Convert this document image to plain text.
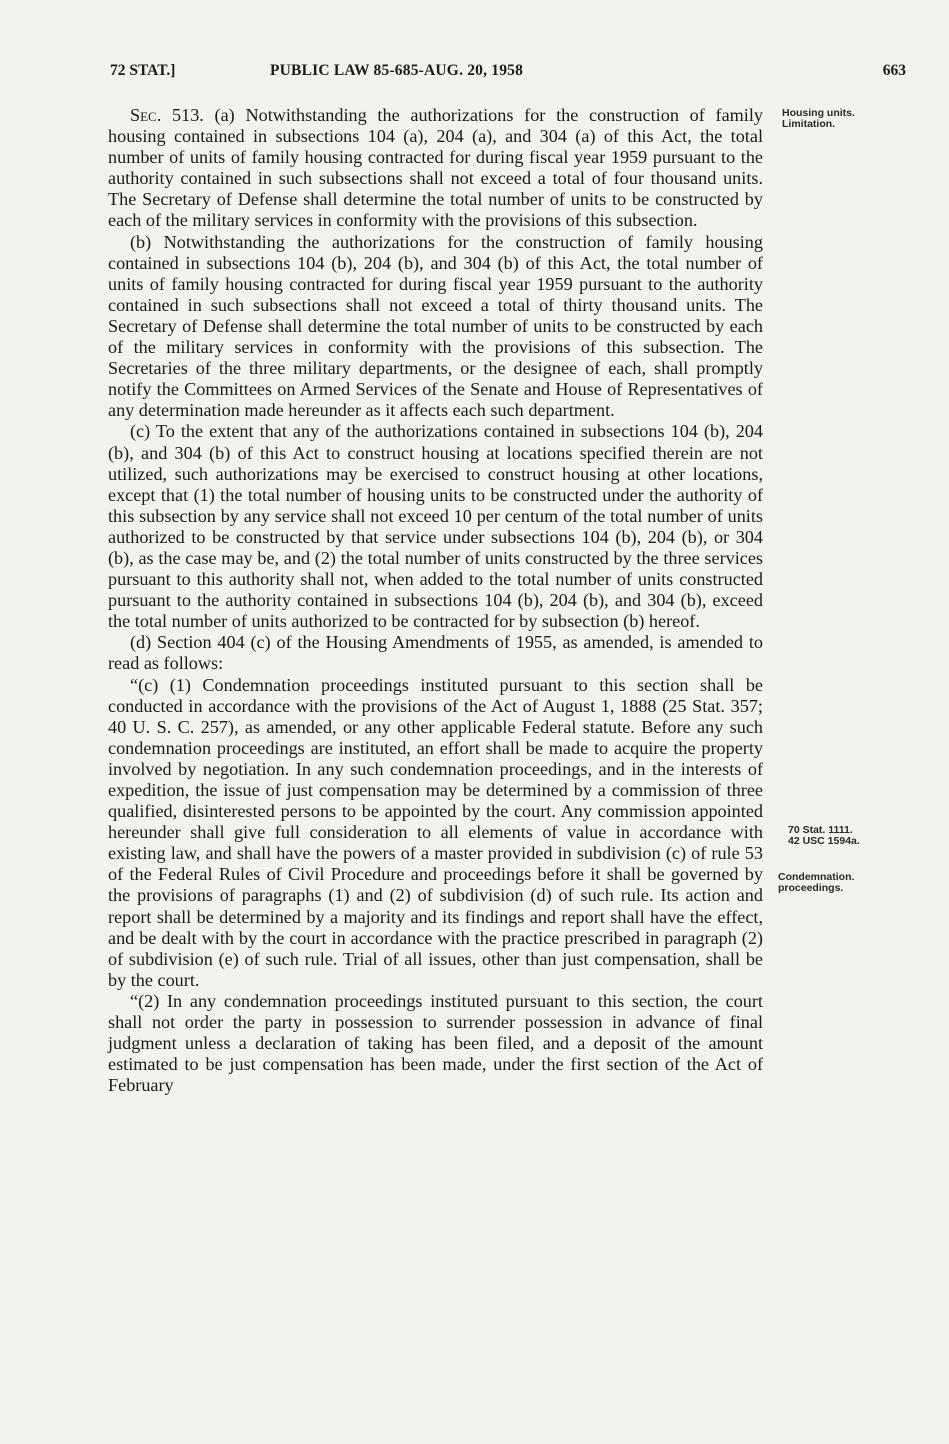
72 STAT.]	PUBLIC LAW 85-685-AUG. 20, 1958	663

Sec. 513. (a) Notwithstanding the authorizations for the construction of family housing contained in subsections 104 (a), 204 (a), and 304 (a) of this Act, the total number of units of family housing contracted for during fiscal year 1959 pursuant to the authority contained in such subsections shall not exceed a total of four thousand units. The Secretary of Defense shall determine the total number of units to be constructed by each of the military services in conformity with the provisions of this subsection.

(b) Notwithstanding the authorizations for the construction of family housing contained in subsections 104 (b), 204 (b), and 304 (b) of this Act, the total number of units of family housing contracted for during fiscal year 1959 pursuant to the authority contained in such subsections shall not exceed a total of thirty thousand units. The Secretary of Defense shall determine the total number of units to be constructed by each of the military services in conformity with the provisions of this subsection. The Secretaries of the three military departments, or the designee of each, shall promptly notify the Committees on Armed Services of the Senate and House of Representatives of any determination made hereunder as it affects each such department.

(c) To the extent that any of the authorizations contained in subsections 104 (b), 204 (b), and 304 (b) of this Act to construct housing at locations specified therein are not utilized, such authorizations may be exercised to construct housing at other locations, except that (1) the total number of housing units to be constructed under the authority of this subsection by any service shall not exceed 10 per centum of the total number of units authorized to be constructed by that service under subsections 104 (b), 204 (b), or 304 (b), as the case may be, and (2) the total number of units constructed by the three services pursuant to this authority shall not, when added to the total number of units constructed pursuant to the authority contained in subsections 104 (b), 204 (b), and 304 (b), exceed the total number of units authorized to be contracted for by subsection (b) hereof.

(d) Section 404 (c) of the Housing Amendments of 1955, as amended, is amended to read as follows:

“(c) (1) Condemnation proceedings instituted pursuant to this section shall be conducted in accordance with the provisions of the Act of August 1, 1888 (25 Stat. 357; 40 U. S. C. 257), as amended, or any other applicable Federal statute. Before any such condemnation proceedings are instituted, an effort shall be made to acquire the property involved by negotiation. In any such condemnation proceedings, and in the interests of expedition, the issue of just compensation may be determined by a commission of three qualified, disinterested persons to be appointed by the court. Any commission appointed hereunder shall give full consideration to all elements of value in accordance with existing law, and shall have the powers of a master provided in subdivision (c) of rule 53 of the Federal Rules of Civil Procedure and proceedings before it shall be governed by the provisions of paragraphs (1) and (2) of subdivision (d) of such rule. Its action and report shall be determined by a majority and its findings and report shall have the effect, and be dealt with by the court in accordance with the practice prescribed in paragraph (2) of subdivision (e) of such rule. Trial of all issues, other than just compensation, shall be by the court.

“(2) In any condemnation proceedings instituted pursuant to this section, the court shall not order the party in possession to surrender possession in advance of final judgment unless a declaration of taking has been filed, and a deposit of the amount estimated to be just compensation has been made, under the first section of the Act of February

Housing units.
Limitation.
70 Stat. 1111.
42 USC 1594a.
Condemnation.
proceedings.
